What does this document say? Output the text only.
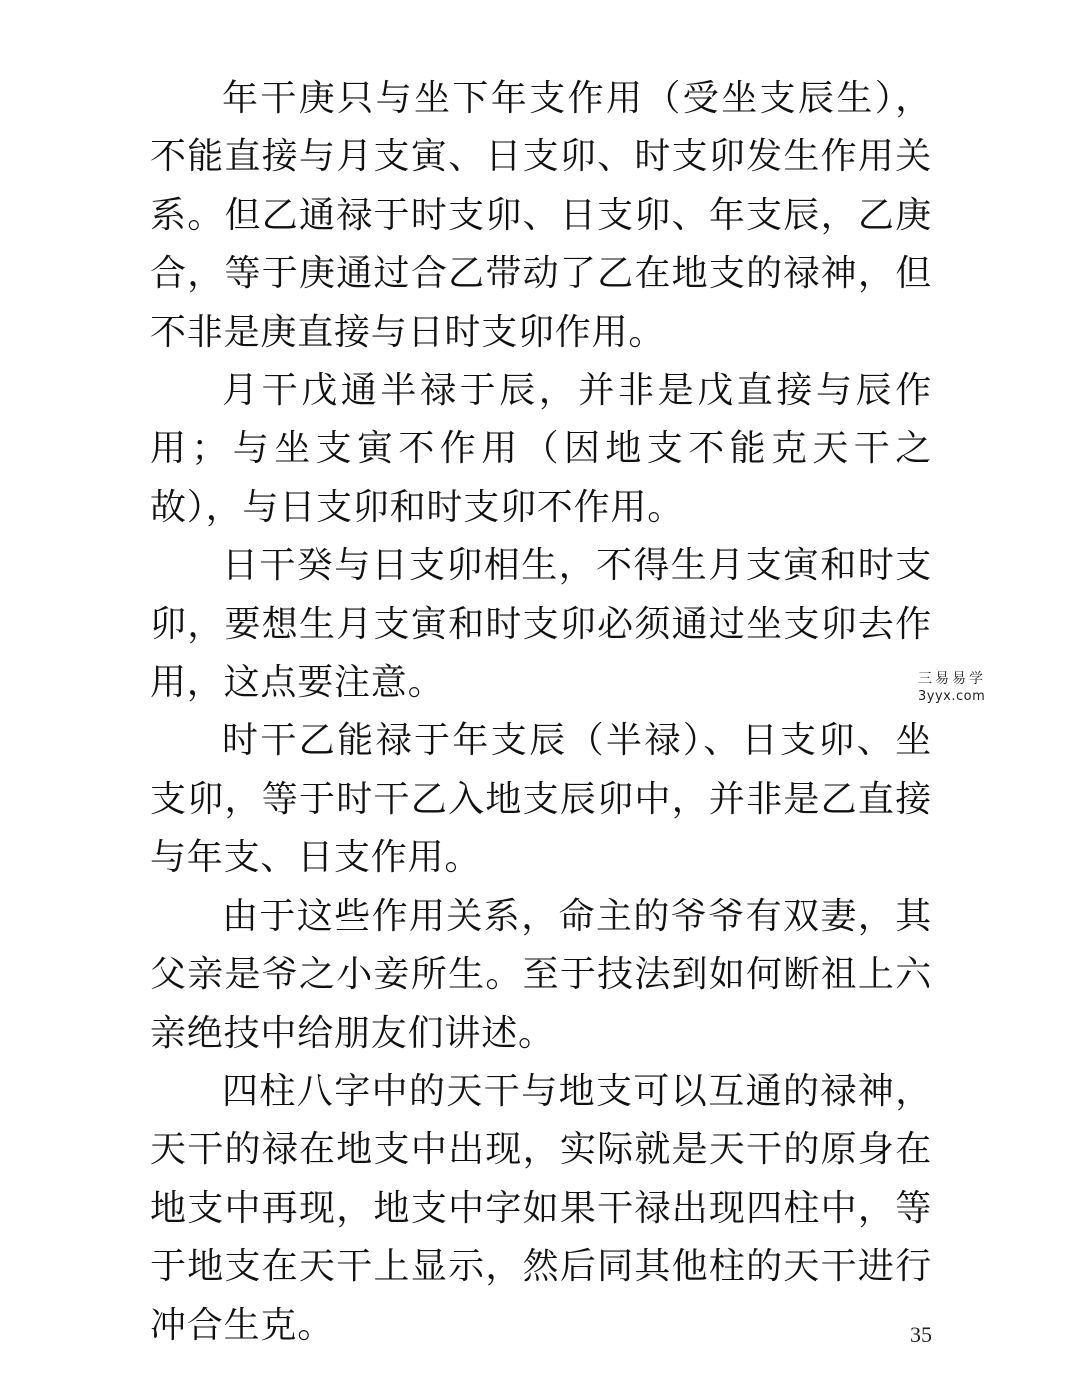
年干庚只与坐下年支作用（受坐支辰生），不能直接与月支寅、日支卯、时支卯发生作用关系。但乙通禄于时支卯、日支卯、年支辰，乙庚合，等于庚通过合乙带动了乙在地支的禄神，但不非是庚直接与日时支卯作用。

月干戊通半禄于辰，并非是戊直接与辰作用；与坐支寅不作用（因地支不能克天干之故），与日支卯和时支卯不作用。

日干癸与日支卯相生，不得生月支寅和时支卯，要想生月支寅和时支卯必须通过坐支卯去作用，这点要注意。

时干乙能禄于年支辰（半禄）、日支卯、坐支卯，等于时干乙入地支辰卯中，并非是乙直接与年支、日支作用。

由于这些作用关系，命主的爷爷有双妻，其父亲是爷之小妾所生。至于技法到如何断祖上六亲绝技中给朋友们讲述。

四柱八字中的天干与地支可以互通的禄神，天干的禄在地支中出现，实际就是天干的原身在地支中再现，地支中字如果干禄出现四柱中，等于地支在天干上显示，然后同其他柱的天干进行冲合生克。

三易易学
3yyx.com
35
